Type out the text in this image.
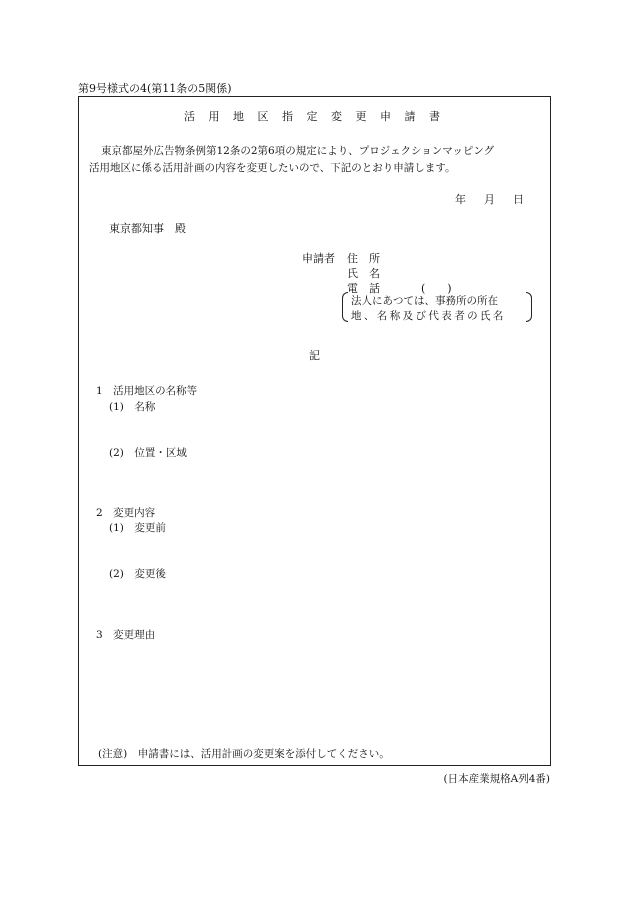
第9号様式の4(第11条の5関係)
活 用 地 区 指 定 変 更 申 請 書
東京都屋外広告物条例第12条の2第6項の規定により、プロジェクションマッピング
活用地区に係る活用計画の内容を変更したいので、下記のとおり申請します。
年 月 日
東京都知事　殿
申請者 住　所
氏　名
電　話	(　　)
法人にあつては、事務所の所在
地、名称及び代表者の氏名
記
1　活用地区の名称等
(1)　名称
(2)　位置・区域
2　変更内容
(1)　変更前
(2)　変更後
3　変更理由
(注意)　申請書には、活用計画の変更案を添付してください。
(日本産業規格A列4番)
